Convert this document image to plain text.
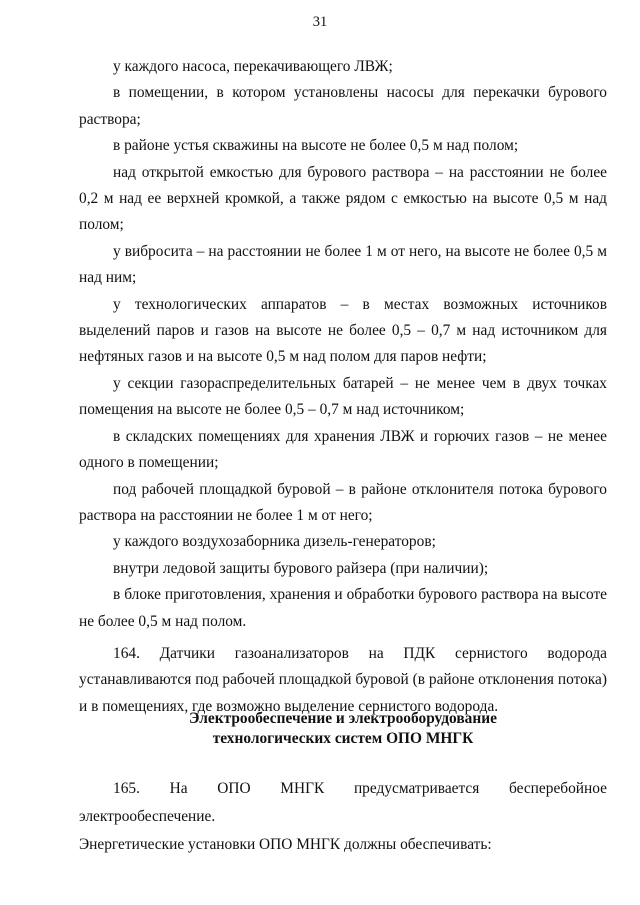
31

у каждого насоса, перекачивающего ЛВЖ;

в помещении, в котором установлены насосы для перекачки бурового раствора;

в районе устья скважины на высоте не более 0,5 м над полом;

над открытой емкостью для бурового раствора – на расстоянии не более 0,2 м над ее верхней кромкой, а также рядом с емкостью на высоте 0,5 м над полом;

у вибросита – на расстоянии не более 1 м от него, на высоте не более 0,5 м над ним;

у технологических аппаратов – в местах возможных источников выделений паров и газов на высоте не более 0,5 – 0,7 м над источником для нефтяных газов и на высоте 0,5 м над полом для паров нефти;

у секции газораспределительных батарей – не менее чем в двух точках помещения на высоте не более 0,5 – 0,7 м над источником;

в складских помещениях для хранения ЛВЖ и горючих газов – не менее одного в помещении;

под рабочей площадкой буровой – в районе отклонителя потока бурового раствора на расстоянии не более 1 м от него;

у каждого воздухозаборника дизель-генераторов;

внутри ледовой защиты бурового райзера (при наличии);

в блоке приготовления, хранения и обработки бурового раствора на высоте не более 0,5 м над полом.

164. Датчики газоанализаторов на ПДК сернистого водорода устанавливаются под рабочей площадкой буровой (в районе отклонения потока) и в помещениях, где возможно выделение сернистого водорода.

Электрообеспечение и электрооборудование
технологических систем ОПО МНГК

165. На ОПО МНГК предусматривается бесперебойное электрообеспечение.

Энергетические установки ОПО МНГК должны обеспечивать:
